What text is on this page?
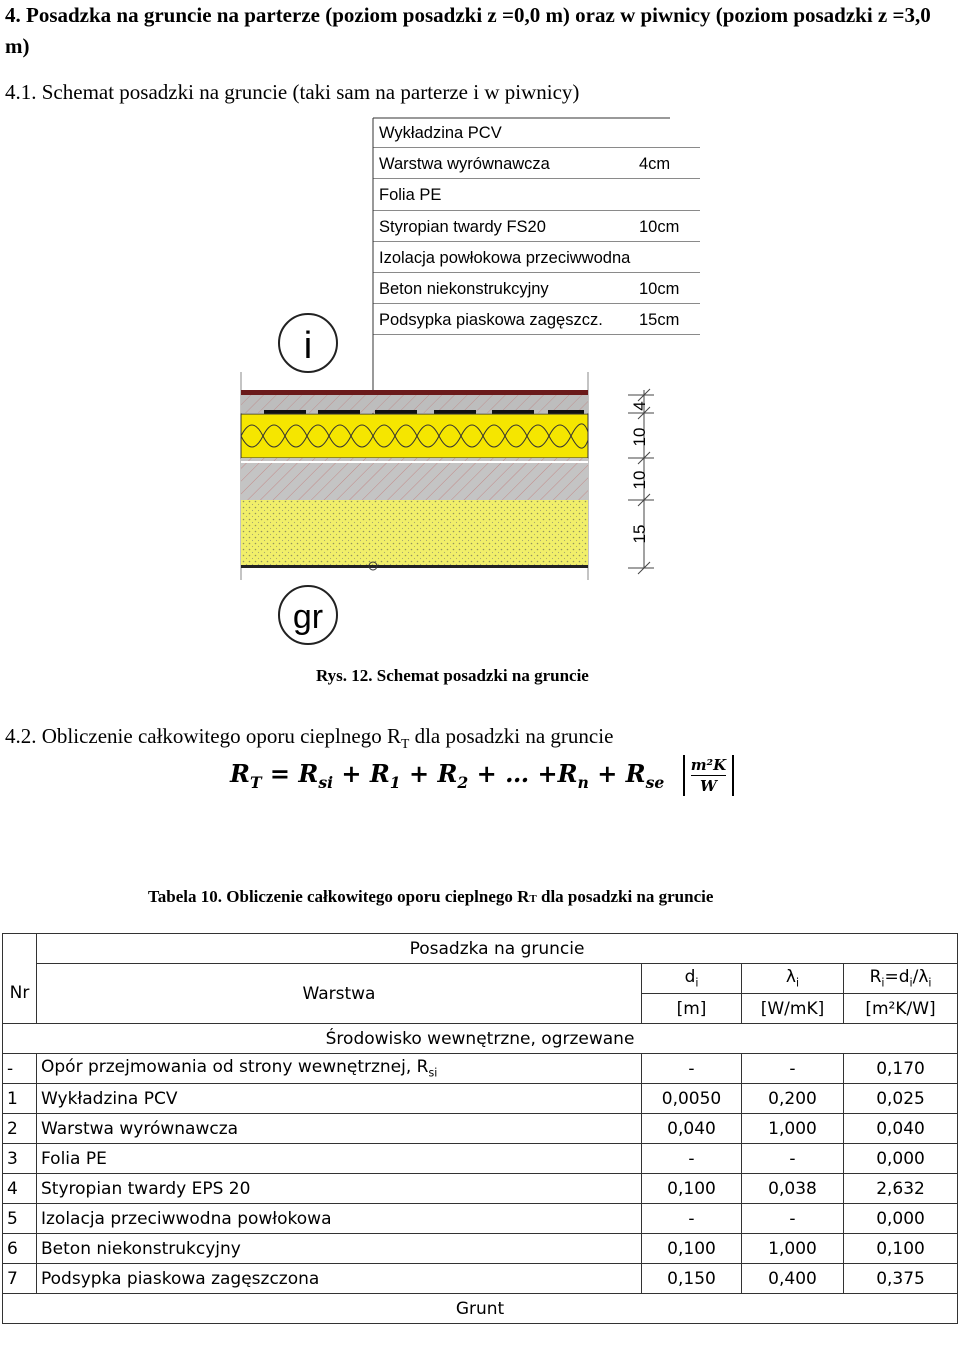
4. Posadzka na gruncie na parterze (poziom posadzki z =0,0 m) oraz w piwnicy (poziom posadzki z =3,0 m)
4.1. Schemat posadzki na gruncie (taki sam na parterze i w piwnicy)
Wykładzina PCV
Warstwa wyrównawcza	4cm
Folia PE
Styropian twardy FS20	10cm
Izolacja powłokowa przeciwwodna
Beton niekonstrukcyjny	10cm
Podsypka piaskowa zagęszcz. 15cm
i
4
10
10
15
gr
Rys. 12. Schemat posadzki na gruncie
4.2. Obliczenie całkowitego oporu cieplnego $R_T$ dla posadzki na gruncie
$R_T = R_{si} + R_1 + R_2$ + … $+R_n + R_{se} \frac{\text{m²K}}{W}$
Tabela 10. Obliczenie całkowitego oporu cieplnego RT dla posadzki na gruncie
	Posadzka na gruncie			
Nr	Warstwa	$d_i$	$\lambda_i$	$R_i=d_i/\lambda_i$
		[m]	[W/mK]	[m²K/W]
Środowisko wewnętrzne, ogrzewane				
-	Opór przejmowania od strony wewnętrznej, $R_{si}$	-	-	0,170
1	Wykładzina PCV	0,0050	0,200	0,025
2	Warstwa wyrównawcza	0,040	1,000	0,040
3	Folia PE	-	-	0,000
4	Styropian twardy EPS 20	0,100	0,038	2,632
5	Izolacja przeciwwodna powłokowa	-	-	0,000
6	Beton niekonstrukcyjny	0,100	1,000	0,100
7	Podsypka piaskowa zagęszczona	0,150	0,400	0,375
Grunt				
